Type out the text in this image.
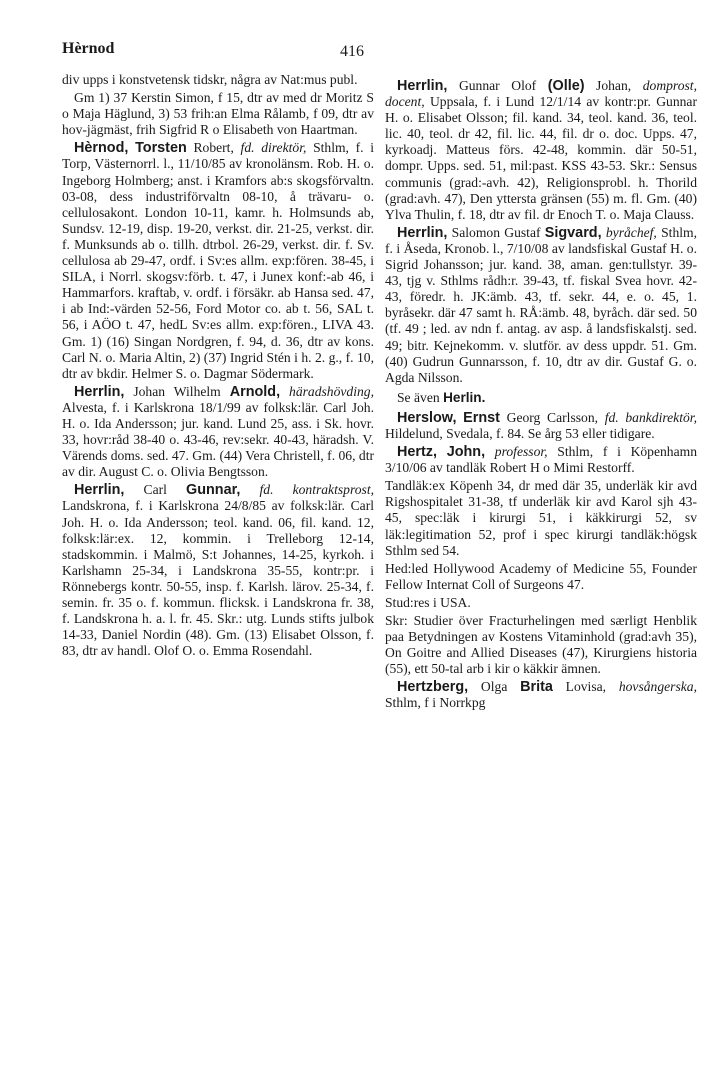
Hèrnod	416

div upps i konstvetensk tidskr, några av Nat:mus publ.

Gm 1) 37 Kerstin Simon, f 15, dtr av med dr Moritz S o Maja Häglund, 3) 53 frih:an Elma Rålamb, f 09, dtr av hov-jägmäst, frih Sigfrid R o Elisabeth von Haartman.

Hèrnod, Torsten Robert, fd. direktör, Sthlm, f. i Torp, Västernorrl. l., 11/10/85 av kronolänsm. Rob. H. o. Ingeborg Holmberg; anst. i Kramfors ab:s skogsförvaltn. 03-08, dess industriförvaltn 08-10, å trävaru- o. cellulosakont. London 10-11, kamr. h. Holmsunds ab, Sundsv. 12-19, disp. 19-20, verkst. dir. 21-25, verkst. dir. f. Munksunds ab o. tillh. dtrbol. 26-29, verkst. dir. f. Sv. cellulosa ab 29-47, ordf. i Sv:es allm. exp:fören. 38-45, i SILA, i Norrl. skogsv:förb. t. 47, i Junex konf:-ab 46, i Hammarfors. kraftab, v. ordf. i försäkr. ab Hansa sed. 47, i ab Ind:-värden 52-56, Ford Motor co. ab t. 56, SAL t. 56, i AÖO t. 47, hedL Sv:es allm. exp:fören., LIVA 43. Gm. 1) (16) Singan Nordgren, f. 94, d. 36, dtr av kons. Carl N. o. Maria Altin, 2) (37) Ingrid Stén i h. 2. g., f. 10, dtr av bkdir. Helmer S. o. Dagmar Södermark.

Herrlin, Johan Wilhelm Arnold, häradshövding, Alvesta, f. i Karlskrona 18/1/99 av folksk:lär. Carl Joh. H. o. Ida Andersson; jur. kand. Lund 25, ass. i Sk. hovr. 33, hovr:råd 38-40 o. 43-46, rev:sekr. 40-43, häradsh. V. Värends doms. sed. 47. Gm. (44) Vera Christell, f. 06, dtr av dir. August C. o. Olivia Bengtsson.

Herrlin, Carl Gunnar, fd. kontraktsprost, Landskrona, f. i Karlskrona 24/8/85 av folksk:lär. Carl Joh. H. o. Ida Andersson; teol. kand. 06, fil. kand. 12, folksk:lär:ex. 12, kommin. i Trelleborg 12-14, stadskommin. i Malmö, S:t Johannes, 14-25, kyrkoh. i Karlshamn 25-34, i Landskrona 35-55, kontr:pr. i Rönnebergs kontr. 50-55, insp. f. Karlsh. lärov. 25-34, f. semin. fr. 35 o. f. kommun. flicksk. i Landskrona fr. 38, f. Landskrona h. a. l. fr. 45. Skr.: utg. Lunds stifts julbok 14-33, Daniel Nordin (48). Gm. (13) Elisabet Olsson, f. 83, dtr av handl. Olof O. o. Emma Rosendahl.

Herrlin, Gunnar Olof (Olle) Johan, domprost, docent, Uppsala, f. i Lund 12/1/14 av kontr:pr. Gunnar H. o. Elisabet Olsson; fil. kand. 34, teol. kand. 36, teol. lic. 40, teol. dr 42, fil. lic. 44, fil. dr o. doc. Upps. 47, kyrkoadj. Matteus förs. 42-48, kommin. där 50-51, dompr. Upps. sed. 51, mil:past. KSS 43-53. Skr.: Sensus communis (grad:-avh. 42), Religionsprobl. h. Thorild (grad:avh. 47), Den yttersta gränsen (55) m. fl. Gm. (40) Ylva Thulin, f. 18, dtr av fil. dr Enoch T. o. Maja Clauss.

Herrlin, Salomon Gustaf Sigvard, byråchef, Sthlm, f. i Åseda, Kronob. l., 7/10/08 av landsfiskal Gustaf H. o. Sigrid Johansson; jur. kand. 38, aman. gen:tullstyr. 39-43, tjg v. Sthlms rådh:r. 39-43, tf. fiskal Svea hovr. 42-43, föredr. h. JK:ämb. 43, tf. sekr. 44, e. o. 45, 1. byråsekr. där 47 samt h. RÅ:ämb. 48, byråch. där sed. 50 (tf. 49 ; led. av ndn f. antag. av asp. å landsfiskalstj. sed. 49; bitr. Kejnekomm. v. slutför. av dess uppdr. 51. Gm. (40) Gudrun Gunnarsson, f. 10, dtr av dir. Gustaf G. o. Agda Nilsson.

Se även Herlin.

Herslow, Ernst Georg Carlsson, fd. bankdirektör, Hildelund, Svedala, f. 84. Se årg 53 eller tidigare.

Hertz, John, professor, Sthlm, f i Köpenhamn 3/10/06 av tandläk Robert H o Mimi Restorff.

Tandläk:ex Köpenh 34, dr med där 35, underläk kir avd Rigshospitalet 31-38, tf underläk kir avd Karol sjh 43-45, spec:läk i kirurgi 51, i käkkirurgi 52, sv läk:legitimation 52, prof i spec kirurgi tandläk:högsk Sthlm sed 54.

Hed:led Hollywood Academy of Medicine 55, Founder Fellow Internat Coll of Surgeons 47.

Stud:res i USA.

Skr: Studier över Fracturhelingen med særligt Henblik paa Betydningen av Kostens Vitaminhold (grad:avh 35), On Goitre and Allied Diseases (47), Kirurgiens historia (55), ett 50-tal arb i kir o käkkir ämnen.

Hertzberg, Olga Brita Lovisa, hovsångerska, Sthlm, f i Norrkpg
